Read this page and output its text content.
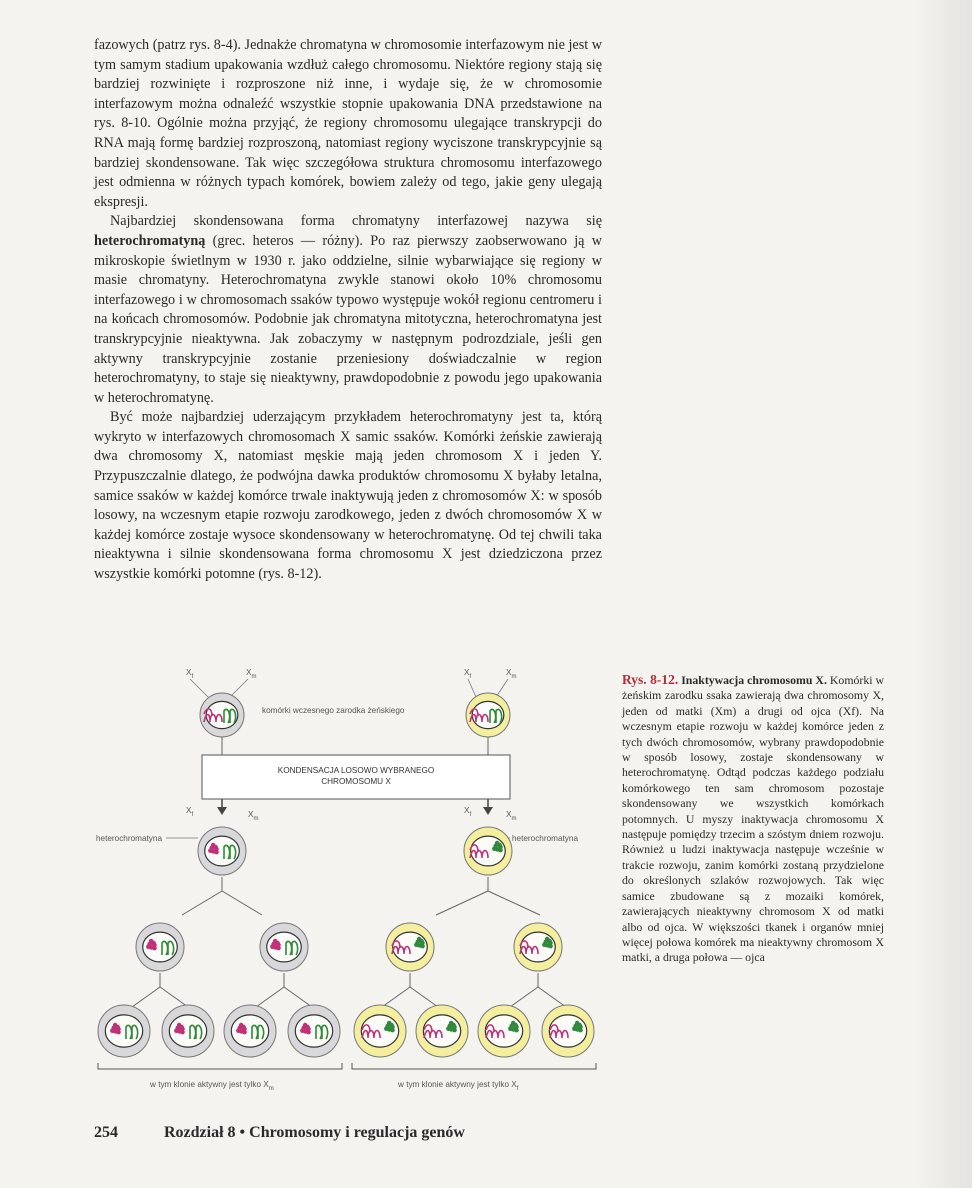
fazowych (patrz rys. 8-4). Jednakże chromatyna w chromosomie interfazowym nie jest w tym samym stadium upakowania wzdłuż całego chromosomu. Niektóre regiony stają się bardziej rozwinięte i rozproszone niż inne, i wydaje się, że w chromosomie interfazowym można odnaleźć wszystkie stopnie upakowania DNA przedstawione na rys. 8-10. Ogólnie można przyjąć, że regiony chromosomu ulegające transkrypcji do RNA mają formę bardziej rozproszoną, natomiast regiony wyciszone transkrypcyjnie są bardziej skondensowane. Tak więc szczegółowa struktura chromosomu interfazowego jest odmienna w różnych typach komórek, bowiem zależy od tego, jakie geny ulegają ekspresji.

Najbardziej skondensowana forma chromatyny interfazowej nazywa się heterochromatyną (grec. heteros — różny). Po raz pierwszy zaobserwowano ją w mikroskopie świetlnym w 1930 r. jako oddzielne, silnie wybarwiające się regiony w masie chromatyny. Heterochromatyna zwykle stanowi około 10% chromosomu interfazowego i w chromosomach ssaków typowo występuje wokół regionu centromeru i na końcach chromosomów. Podobnie jak chromatyna mitotyczna, heterochromatyna jest transkrypcyjnie nieaktywna. Jak zobaczymy w następnym podrozdziale, jeśli gen aktywny transkrypcyjnie zostanie przeniesiony doświadczalnie w region heterochromatyny, to staje się nieaktywny, prawdopodobnie z powodu jego upakowania w heterochromatynę.

Być może najbardziej uderzającym przykładem heterochromatyny jest ta, którą wykryto w interfazowych chromosomach X samic ssaków. Komórki żeńskie zawierają dwa chromosomy X, natomiast męskie mają jeden chromosom X i jeden Y. Przypuszczalnie dlatego, że podwójna dawka produktów chromosomu X byłaby letalna, samice ssaków w każdej komórce trwale inaktywują jeden z chromosomów X: w sposób losowy, na wczesnym etapie rozwoju zarodkowego, jeden z dwóch chromosomów X w każdej komórce zostaje wysoce skondensowany w heterochromatynę. Od tej chwili taka nieaktywna i silnie skondensowana forma chromosomu X jest dziedziczona przez wszystkie komórki potomne (rys. 8-12).

$X_f$	$X_m$	$X_f$	$X_m$
komórki wczesnego zarodka żeńskiego
KONDENSACJA LOSOWO WYBRANEGO
CHROMOSOMU X
$X_f$	$X_m$
$X_f$	$X_m$
heterochromatyna	heterochromatyna
w tym klonie aktywny jest tylko $X_m$	w tym klonie aktywny jest tylko $X_f$
Rys. 8-12. Inaktywacja chromosomu X. Komórki w żeńskim zarodku ssaka zawierają dwa chromosomy X, jeden od matki (Xm) a drugi od ojca (Xf). Na wczesnym etapie rozwoju w każdej komórce jeden z tych dwóch chromosomów, wybrany prawdopodobnie w sposób losowy, zostaje skondensowany w heterochromatynę. Odtąd podczas każdego podziału komórkowego ten sam chromosom pozostaje skondensowany we wszystkich komórkach potomnych. U myszy inaktywacja chromosomu X następuje pomiędzy trzecim a szóstym dniem rozwoju. Również u ludzi inaktywacja następuje wcześnie w trakcie rozwoju, zanim komórki zostaną przydzielone do określonych szlaków rozwojowych. Tak więc samice zbudowane są z mozaiki komórek, zawierających nieaktywny chromosom X od matki albo od ojca. W większości tkanek i organów mniej więcej połowa komórek ma nieaktywny chromosom X matki, a druga połowa — ojca
254	Rozdział 8 • Chromosomy i regulacja genów
